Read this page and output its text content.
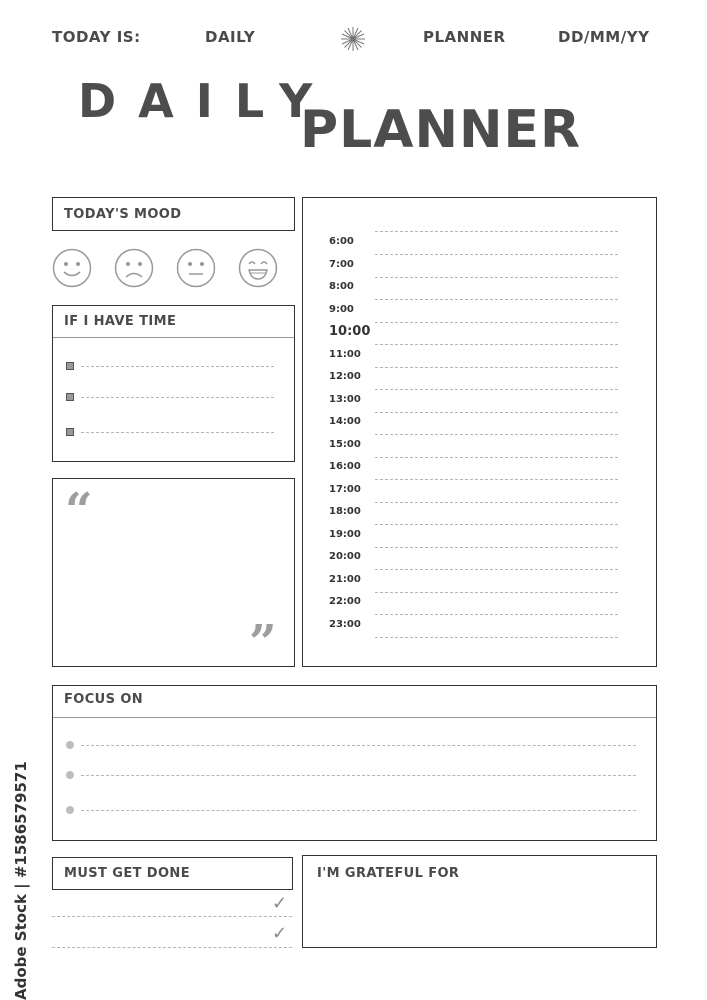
TODAY IS:	DAILY	PLANNER	DD/MM/YY
DAILY
PLANNER
TODAY'S MOOD
IF I HAVE TIME
“
”
6:00
7:00
8:00
9:00
10:00
11:00
12:00
13:00
14:00
15:00
16:00
17:00
18:00
19:00
20:00
21:00
22:00
23:00
FOCUS ON
MUST GET DONE
✓
✓
I'M GRATEFUL FOR
Adobe Stock | #1586579571
